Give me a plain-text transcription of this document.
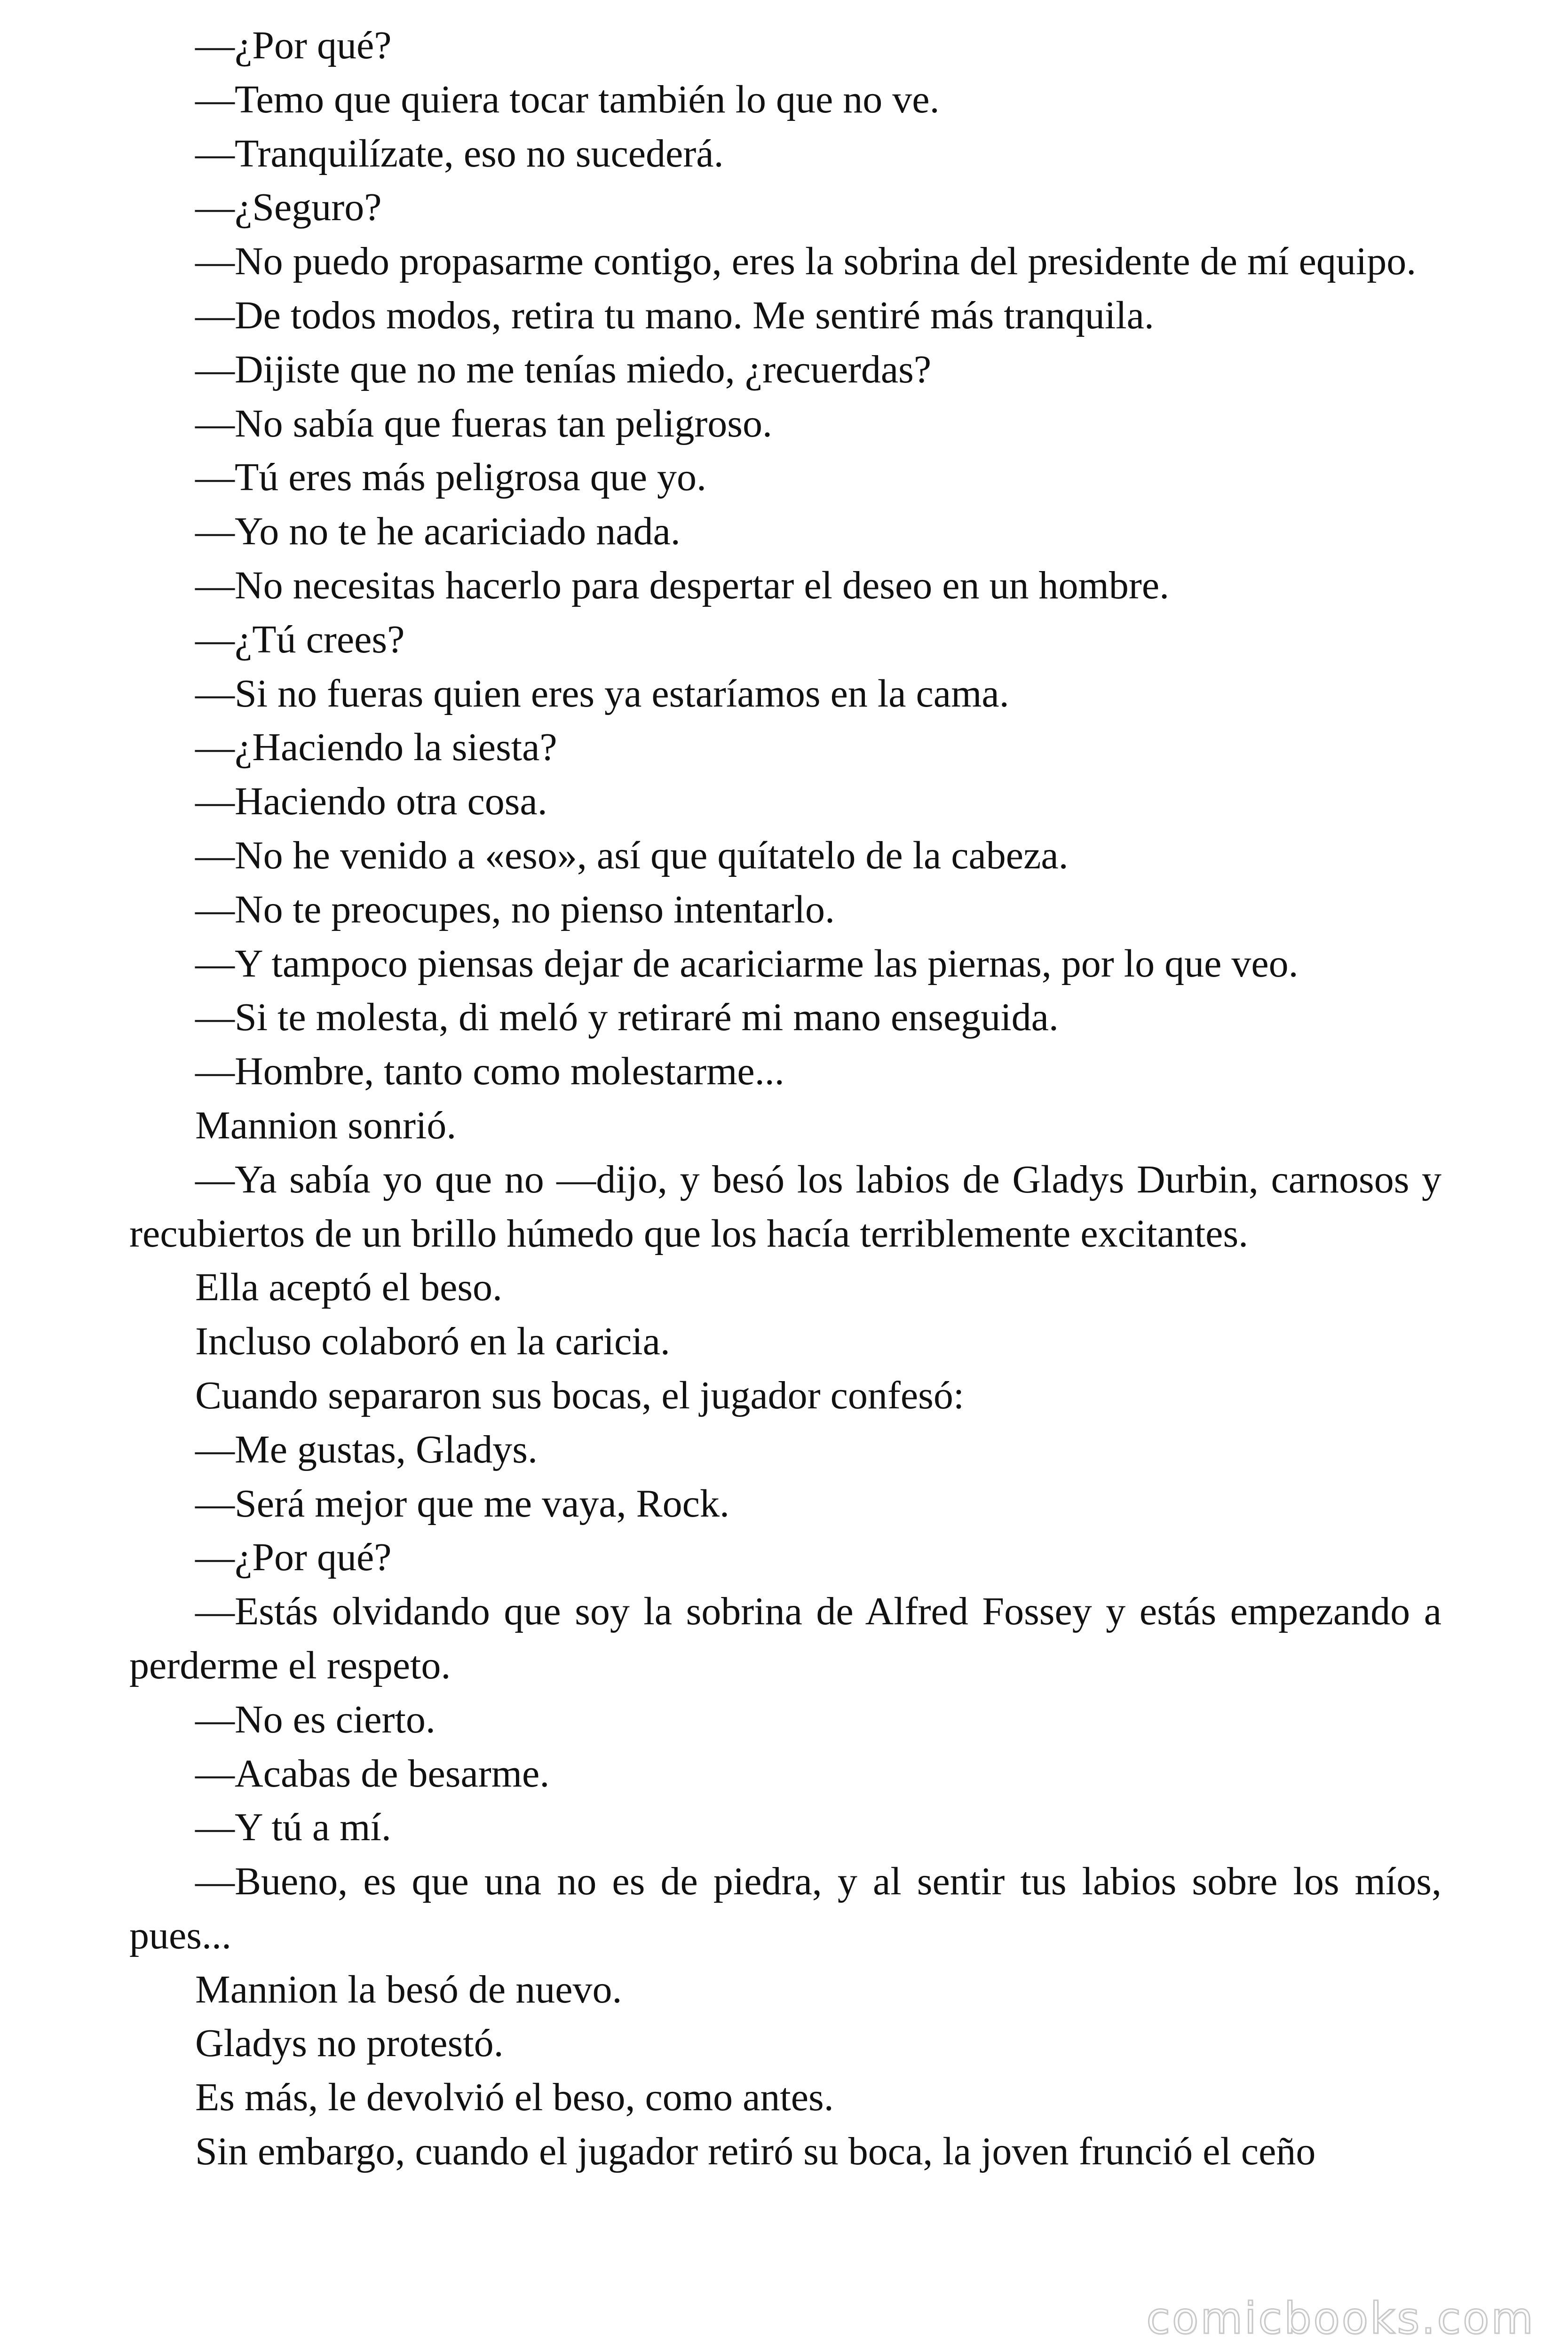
—¿Por qué?

—Temo que quiera tocar también lo que no ve.

—Tranquilízate, eso no sucederá.

—¿Seguro?

—No puedo propasarme contigo, eres la sobrina del presidente de mí equipo.

—De todos modos, retira tu mano. Me sentiré más tranquila.

—Dijiste que no me tenías miedo, ¿recuerdas?

—No sabía que fueras tan peligroso.

—Tú eres más peligrosa que yo.

—Yo no te he acariciado nada.

—No necesitas hacerlo para despertar el deseo en un hombre.

—¿Tú crees?

—Si no fueras quien eres ya estaríamos en la cama.

—¿Haciendo la siesta?

—Haciendo otra cosa.

—No he venido a «eso», así que quítatelo de la cabeza.

—No te preocupes, no pienso intentarlo.

—Y tampoco piensas dejar de acariciarme las piernas, por lo que veo.

—Si te molesta, di meló y retiraré mi mano enseguida.

—Hombre, tanto como molestarme...

Mannion sonrió.

—Ya sabía yo que no —dijo, y besó los labios de Gladys Durbin, carnosos y recubiertos de un brillo húmedo que los hacía terriblemente excitantes.

Ella aceptó el beso.

Incluso colaboró en la caricia.

Cuando separaron sus bocas, el jugador confesó:

—Me gustas, Gladys.

—Será mejor que me vaya, Rock.

—¿Por qué?

—Estás olvidando que soy la sobrina de Alfred Fossey y estás empezando a perderme el respeto.

—No es cierto.

—Acabas de besarme.

—Y tú a mí.

—Bueno, es que una no es de piedra, y al sentir tus labios sobre los míos, pues...

Mannion la besó de nuevo.

Gladys no protestó.

Es más, le devolvió el beso, como antes.

Sin embargo, cuando el jugador retiró su boca, la joven frunció el ceño

comicbooks.com
